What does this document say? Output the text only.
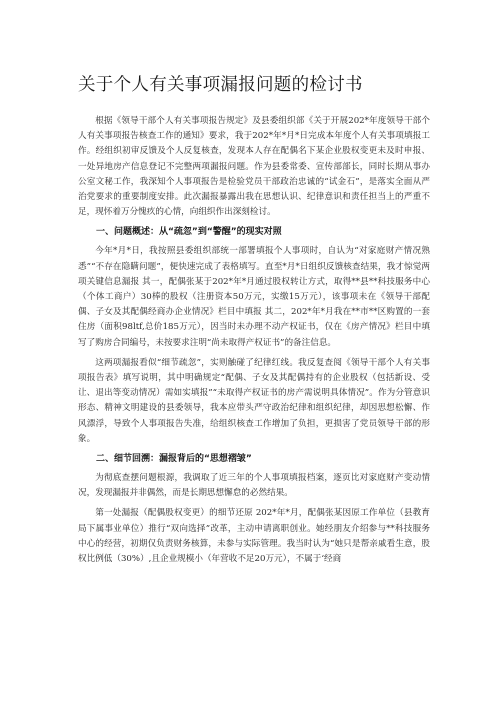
关于个人有关事项漏报问题的检讨书

根据《领导干部个人有关事项报告规定》及县委组织部《关于开展202*年度领导干部个人有关事项报告核查工作的通知》要求，我于202*年*月*日完成本年度个人有关事项填报工作。经组织初审反馈及个人反复核查，发现本人存在配偶名下某企业股权变更未及时申报、一处异地房产信息登记不完整两项漏报问题。作为县委常委、宣传部部长，同时长期从事办公室文秘工作，我深知个人事项报告是检验党员干部政治忠诚的“试金石”，是落实全面从严治党要求的重要制度安排。此次漏报暴露出我在思想认识、纪律意识和责任担当上的严重不足，现怀着万分愧疚的心情，向组织作出深刻检讨。

一、问题概述：从“疏忽”到“警醒”的现实对照

今年*月*日，我按照县委组织部统一部署填报个人事项时，自认为“对家庭财产情况熟悉”“不存在隐瞒问题”，便快速完成了表格填写。直至*月*日组织反馈核查结果，我才惊觉两项关键信息漏报 其一，配偶张某于202*年*月通过股权转让方式，取得**县**科技服务中心（个体工商户）30棒的股权（注册资本50万元，实缴15万元），该事项未在《领导干部配偶、子女及其配偶经商办企业情况》栏目中填报 其二，202*年*月我在**市**区购置的一套住房（面积98ltf,总价185万元），因当时未办理不动产权证书，仅在《房产情况》栏目中填写了购房合同编号，未按要求注明“尚未取得产权证书”的备注信息。

这两项漏报看似“细节疏忽”，实则触碰了纪律红线。我反复查阅《领导干部个人有关事项报告表》填写说明，其中明确规定“配偶、子女及其配偶持有的企业股权（包括新设、受让、退出等变动情况）需如实填报”“未取得产权证书的房产需说明具体情况”。作为分管意识形态、精神文明建设的县委领导，我本应带头严守政治纪律和组织纪律，却因思想松懈、作风漂浮，导致个人事项报告失准，给组织核查工作增加了负担，更损害了党员领导干部的形象。

二、细节回溯：漏报背后的“思想褶皱”

为彻底查摆问题根源，我调取了近三年的个人事项填报档案，逐页比对家庭财产变动情况，发现漏报并非偶然，而是长期思想懈怠的必然结果。

第一处漏报（配偶股权变更）的细节还原 202*年*月，配偶张某因原工作单位（县教育局下属事业单位）推行“双向选择”改革，主动申请离职创业。她经朋友介绍参与**科技服务中心的经营，初期仅负责财务核算，未参与实际管理。我当时认为“她只是帮亲戚看生意，股权比例低（30%）,且企业规模小（年营收不足20万元），不属于‘经商
